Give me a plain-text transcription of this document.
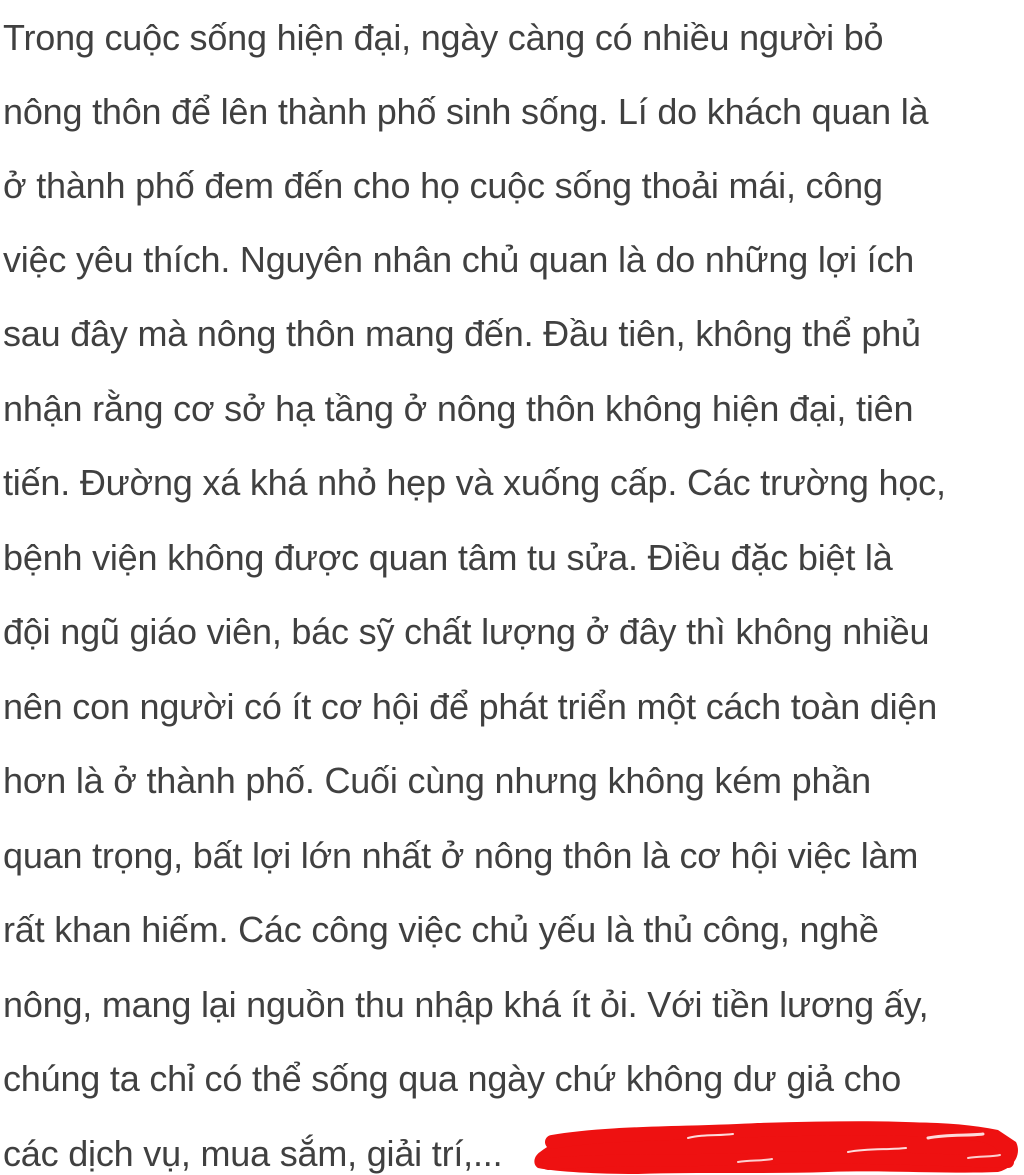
Trong cuộc sống hiện đại, ngày càng có nhiều người bỏ

nông thôn để lên thành phố sinh sống. Lí do khách quan là

ở thành phố đem đến cho họ cuộc sống thoải mái, công

việc yêu thích. Nguyên nhân chủ quan là do những lợi ích

sau đây mà nông thôn mang đến. Đầu tiên, không thể phủ

nhận rằng cơ sở hạ tầng ở nông thôn không hiện đại, tiên

tiến. Đường xá khá nhỏ hẹp và xuống cấp. Các trường học,

bệnh viện không được quan tâm tu sửa. Điều đặc biệt là

đội ngũ giáo viên, bác sỹ chất lượng ở đây thì không nhiều

nên con người có ít cơ hội để phát triển một cách toàn diện

hơn là ở thành phố. Cuối cùng nhưng không kém phần

quan trọng, bất lợi lớn nhất ở nông thôn là cơ hội việc làm

rất khan hiếm. Các công việc chủ yếu là thủ công, nghề

nông, mang lại nguồn thu nhập khá ít ỏi. Với tiền lương ấy,

chúng ta chỉ có thể sống qua ngày chứ không dư giả cho

các dịch vụ, mua sắm, giải trí,...
